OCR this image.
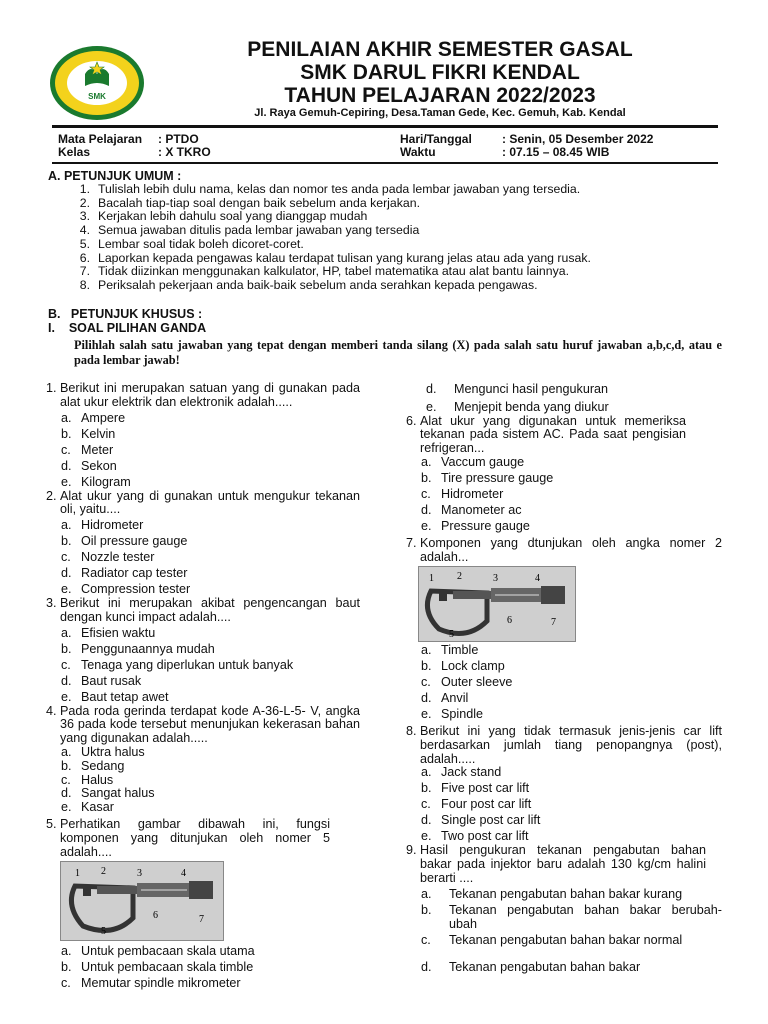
SMK
PENILAIAN AKHIR SEMESTER GASAL
SMK DARUL FIKRI KENDAL
TAHUN PELAJARAN 2022/2023
Jl. Raya Gemuh-Cepiring, Desa.Taman Gede, Kec. Gemuh, Kab. Kendal
Mata Pelajaran : PTDO
Kelas	: X TKRO
Hari/Tanggal	: Senin, 05 Desember 2022
Waktu	: 07.15 – 08.45 WIB
A. PETUNJUK UMUM :
1. Tulislah lebih dulu nama, kelas dan nomor tes anda pada lembar jawaban yang tersedia.
2. Bacalah tiap-tiap soal dengan baik sebelum anda kerjakan.
3. Kerjakan lebih dahulu soal yang dianggap mudah
4. Semua jawaban ditulis pada lembar jawaban yang tersedia
5. Lembar soal tidak boleh dicoret-coret.
6. Laporkan kepada pengawas kalau terdapat tulisan yang kurang jelas atau ada yang rusak.
7. Tidak diizinkan menggunakan kalkulator, HP, tabel matematika atau alat bantu lainnya.
8. Periksalah pekerjaan anda baik-baik sebelum anda serahkan kepada pengawas.
B.   PETUNJUK KHUSUS :
I.    SOAL PILIHAN GANDA
Pilihlah salah satu jawaban yang tepat dengan memberi tanda silang (X) pada salah satu huruf jawaban a,b,c,d, atau e pada lembar jawab!
1. Berikut ini merupakan satuan yang di gunakan pada alat ukur elektrik dan elektronik adalah.....
a. Ampere
b. Kelvin
c. Meter
d. Sekon
e. Kilogram
2. Alat ukur yang di gunakan untuk mengukur tekanan oli, yaitu....
a. Hidrometer
b. Oil pressure gauge
c. Nozzle tester
d. Radiator cap tester
e. Compression tester
3. Berikut ini merupakan akibat pengencangan baut dengan kunci impact adalah....
a. Efisien waktu
b. Penggunaannya mudah
c. Tenaga yang diperlukan untuk banyak
d. Baut rusak
e. Baut tetap awet
4. Pada roda gerinda terdapat kode A-36-L-5- V, angka 36 pada kode tersebut menunjukan kekerasan bahan yang digunakan adalah.....
a. Uktra halus
b. Sedang
c. Halus
d. Sangat halus
e. Kasar
5. Perhatikan gambar dibawah ini, fungsi komponen yang ditunjukan oleh nomer 5 adalah....
1 2	3	4
5
6	7
a. Untuk pembacaan skala utama
b. Untuk pembacaan skala timble
c. Memutar spindle mikrometer
d.	Mengunci hasil pengukuran
e.	Menjepit benda yang diukur
6. Alat ukur yang digunakan untuk memeriksa tekanan pada sistem AC. Pada saat pengisian refrigeran...
a. Vaccum gauge
b. Tire pressure gauge
c. Hidrometer
d. Manometer ac
e. Pressure gauge
7. Komponen yang dtunjukan oleh angka nomer 2 adalah...
1 2	3	4
5
6	7
a. Timble
b. Lock clamp
c. Outer sleeve
d. Anvil
e. Spindle
8. Berikut ini yang tidak termasuk jenis-jenis car lift berdasarkan jumlah tiang penopangnya (post), adalah.....
a. Jack stand
b. Five post car lift
c. Four post car lift
d. Single post car lift
e. Two post car lift
9. Hasil pengukuran tekanan pengabutan bahan bakar pada injektor baru adalah 130 kg/cm halini berarti ....
a.	Tekanan pengabutan bahan bakar kurang
b.	Tekanan pengabutan bahan bakar berubah- ubah
c.	Tekanan pengabutan bahan bakar normal
d.	Tekanan pengabutan bahan bakar
